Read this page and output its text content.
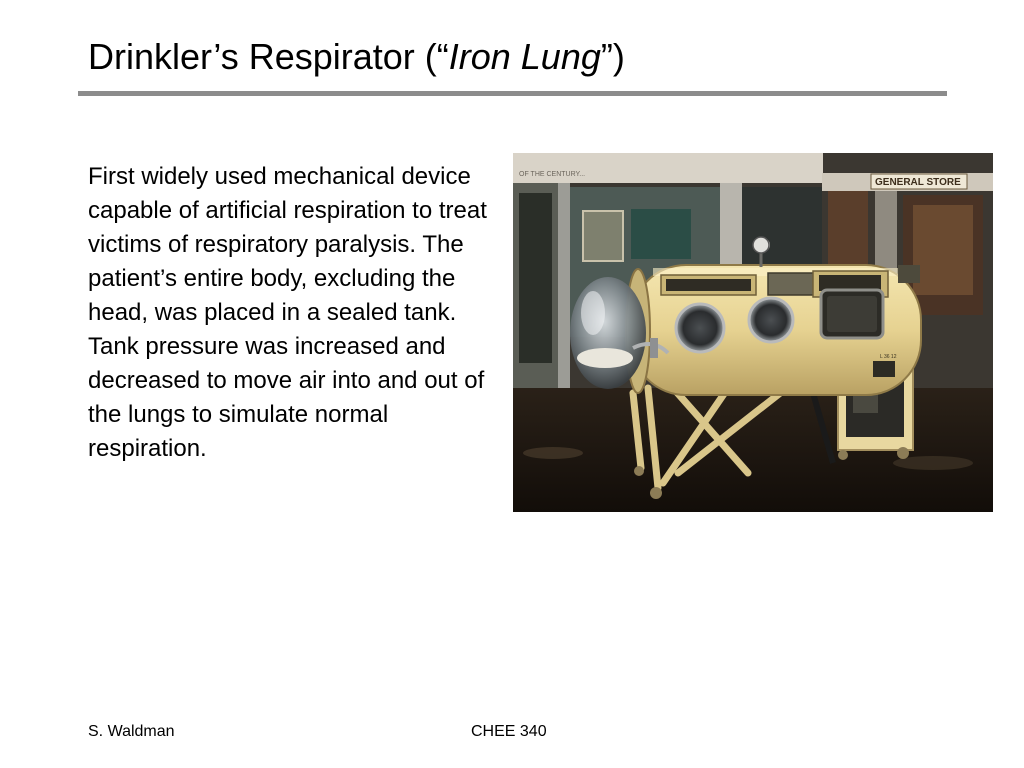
Drinkler’s Respirator (“Iron Lung”)

First widely used mechanical device capable of artificial respiration to treat victims of respiratory paralysis. The patient’s entire body, excluding the head, was placed in a sealed tank. Tank pressure was increased and decreased to move air into and out of the lungs to simulate normal respiration.

OF THE CENTURY...
GENERAL STORE
L 36 12
S. Waldman	CHEE 340
